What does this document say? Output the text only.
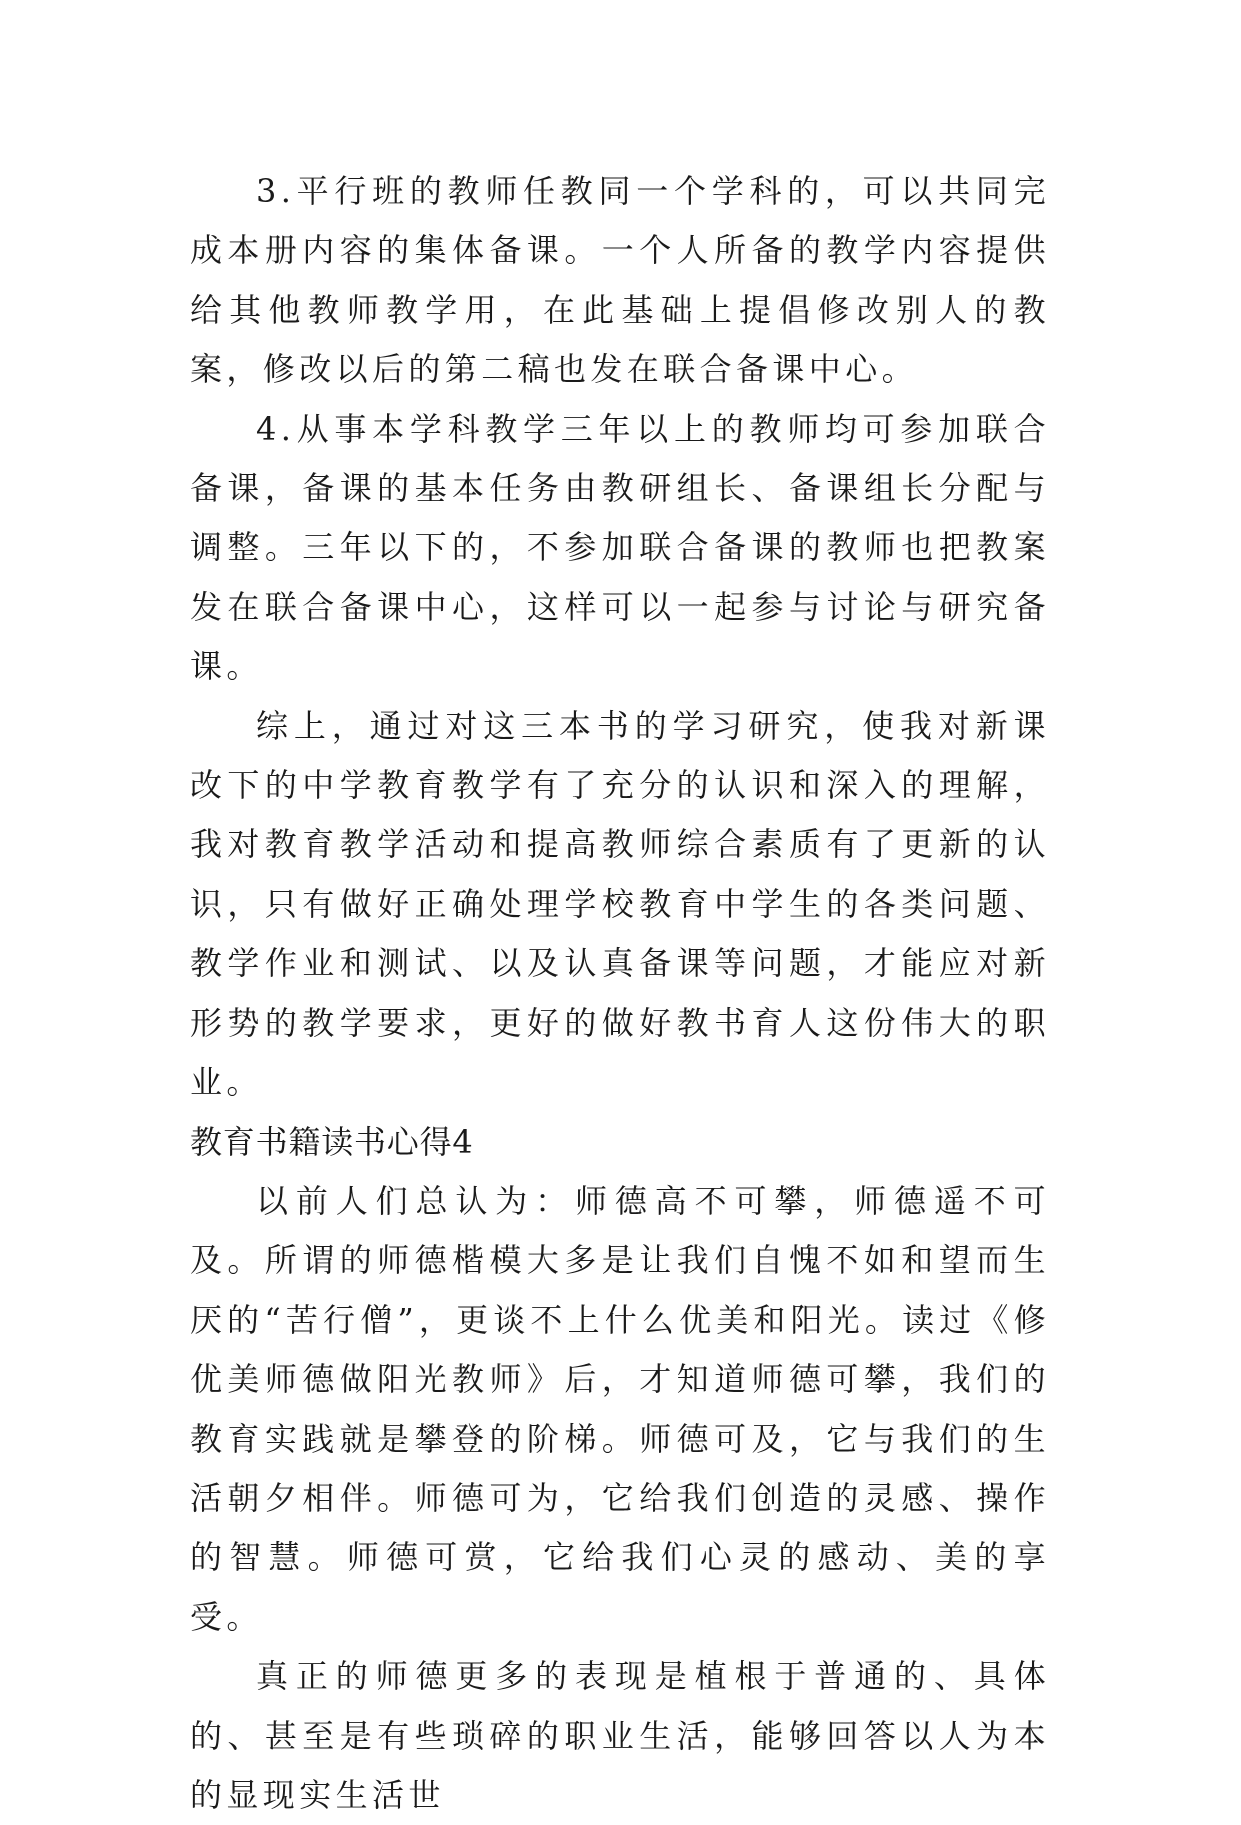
3.平行班的教师任教同一个学科的，可以共同完成本册内容的集体备课。一个人所备的教学内容提供给其他教师教学用，在此基础上提倡修改别人的教案，修改以后的第二稿也发在联合备课中心。

4.从事本学科教学三年以上的教师均可参加联合备课，备课的基本任务由教研组长、备课组长分配与调整。三年以下的，不参加联合备课的教师也把教案发在联合备课中心，这样可以一起参与讨论与研究备课。

综上，通过对这三本书的学习研究，使我对新课改下的中学教育教学有了充分的认识和深入的理解，我对教育教学活动和提高教师综合素质有了更新的认识，只有做好正确处理学校教育中学生的各类问题、教学作业和测试、以及认真备课等问题，才能应对新形势的教学要求，更好的做好教书育人这份伟大的职业。

教育书籍读书心得4

以前人们总认为：师德高不可攀，师德遥不可及。所谓的师德楷模大多是让我们自愧不如和望而生厌的“苦行僧”，更谈不上什么优美和阳光。读过《修优美师德做阳光教师》后，才知道师德可攀，我们的教育实践就是攀登的阶梯。师德可及，它与我们的生活朝夕相伴。师德可为，它给我们创造的灵感、操作的智慧。师德可赏，它给我们心灵的感动、美的享受。

真正的师德更多的表现是植根于普通的、具体的、甚至是有些琐碎的职业生活，能够回答以人为本的显现实生活世
